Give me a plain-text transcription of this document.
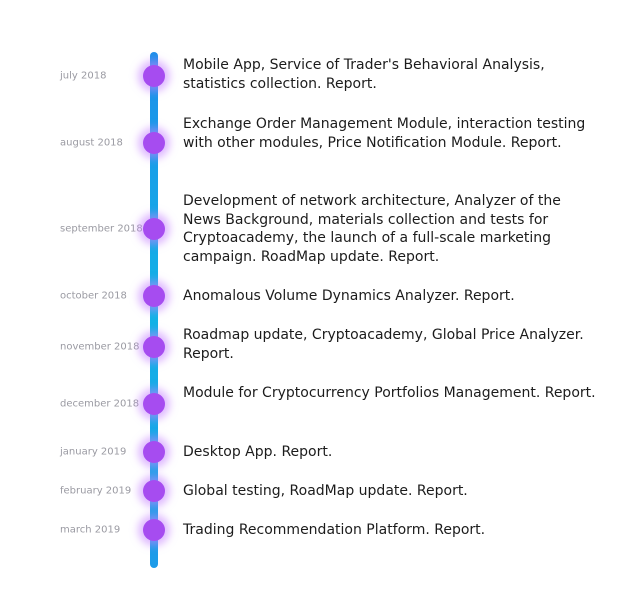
july 2018
Mobile App, Service of Trader's Behavioral Analysis, statistics collection. Report.
august 2018
Exchange Order Management Module, interaction testing with other modules, Price Notification Module. Report.
september 2018
Development of network architecture, Analyzer of the News Background, materials collection and tests for Cryptoacademy, the launch of a full-scale marketing campaign. RoadMap update. Report.
october 2018	Anomalous Volume Dynamics Analyzer. Report.
november 2018
Roadmap update, Cryptoacademy, Global Price Analyzer. Report.
december 2018
Module for Cryptocurrency Portfolios Management. Report.
january 2019	Desktop App. Report.
february 2019	Global testing, RoadMap update. Report.
march 2019	Trading Recommendation Platform. Report.
